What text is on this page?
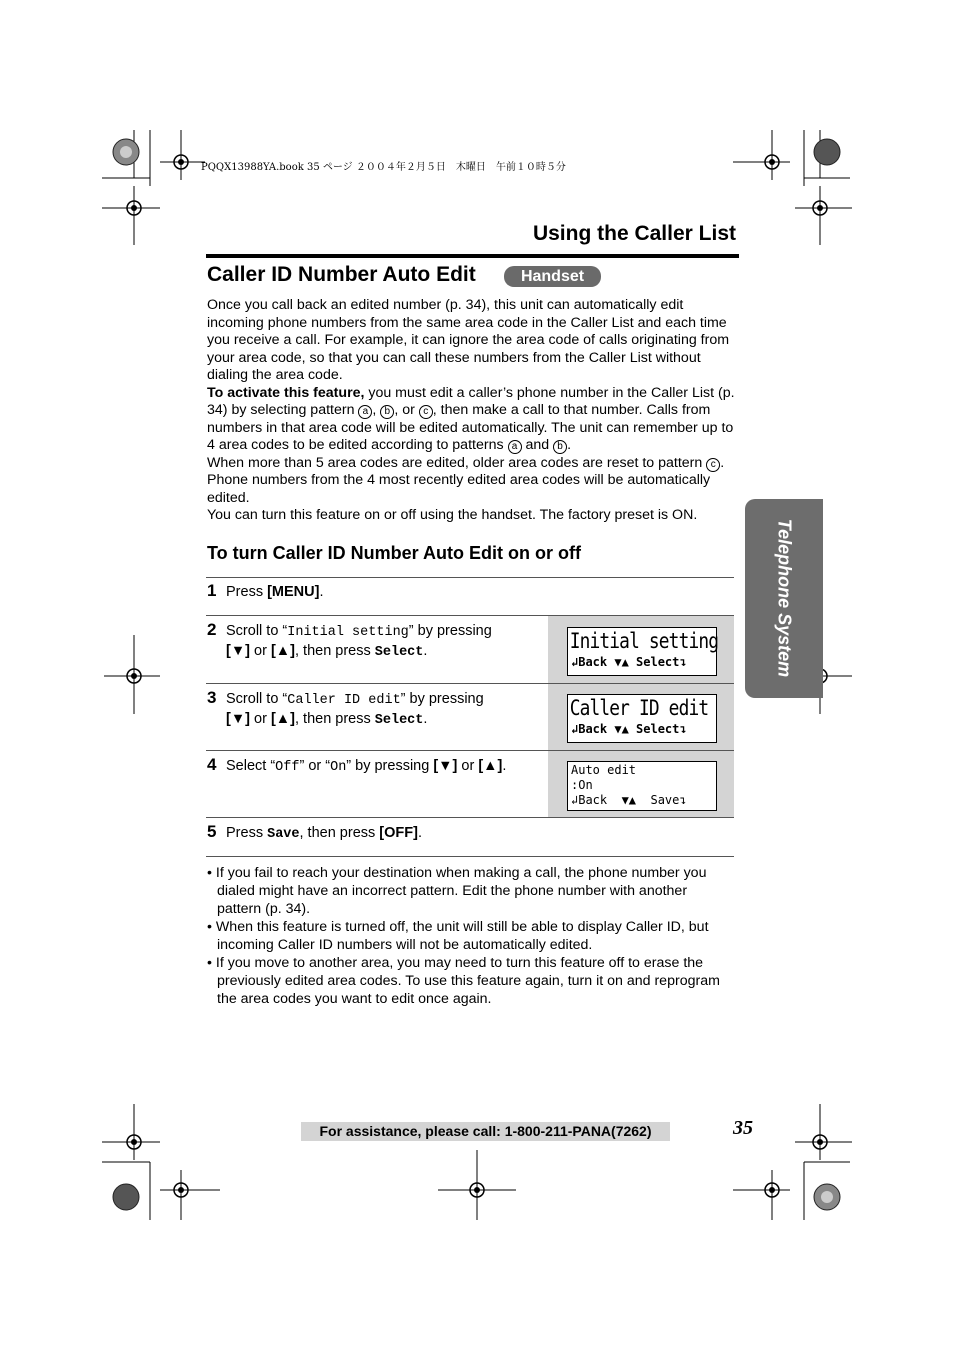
PQQX13988YA.book 35 ページ ２００４年２月５日　木曜日　午前１０時５分
Using the Caller List
Caller ID Number Auto Edit	Handset

Once you call back an edited number (p. 34), this unit can automatically edit incoming phone numbers from the same area code in the Caller List and each time you receive a call. For example, it can ignore the area code of calls originating from your area code, so that you can call these numbers from the Caller List without dialing the area code.

To activate this feature, you must edit a caller’s phone number in the Caller List (p. 34) by selecting pattern a , b , or c , then make a call to that number. Calls from numbers in that area code will be edited automatically. The unit can remember up to 4 area codes to be edited according to patterns a and b .

When more than 5 area codes are edited, older area codes are reset to pattern c . Phone numbers from the 4 most recently edited area codes will be automatically edited.

You can turn this feature on or off using the handset. The factory preset is ON.

To turn Caller ID Number Auto Edit on or off
1 Press [MENU].
2 Scroll to “Initial setting” by pressing
[▼] or [▲], then press Select.
3 Scroll to “Caller ID edit” by pressing
[▼] or [▲], then press Select.
4 Select “Off” or “On” by pressing [▼] or [▲].
5 Press Save, then press [OFF].
Initial setting
↲Back ▼▲ Select↴
Caller ID edit
↲Back ▼▲ Select↴
Auto edit
:On
↲Back  ▼▲  Save↴

• If you fail to reach your destination when making a call, the phone number you dialed might have an incorrect pattern. Edit the phone number with another pattern (p. 34).

• When this feature is turned off, the unit will still be able to display Caller ID, but incoming Caller ID numbers will not be automatically edited.

• If you move to another area, you may need to turn this feature off to erase the previously edited area codes. To use this feature again, turn it on and reprogram the area codes you want to edit once again.

Telephone System
For assistance, please call: 1-800-211-PANA(7262)	35
